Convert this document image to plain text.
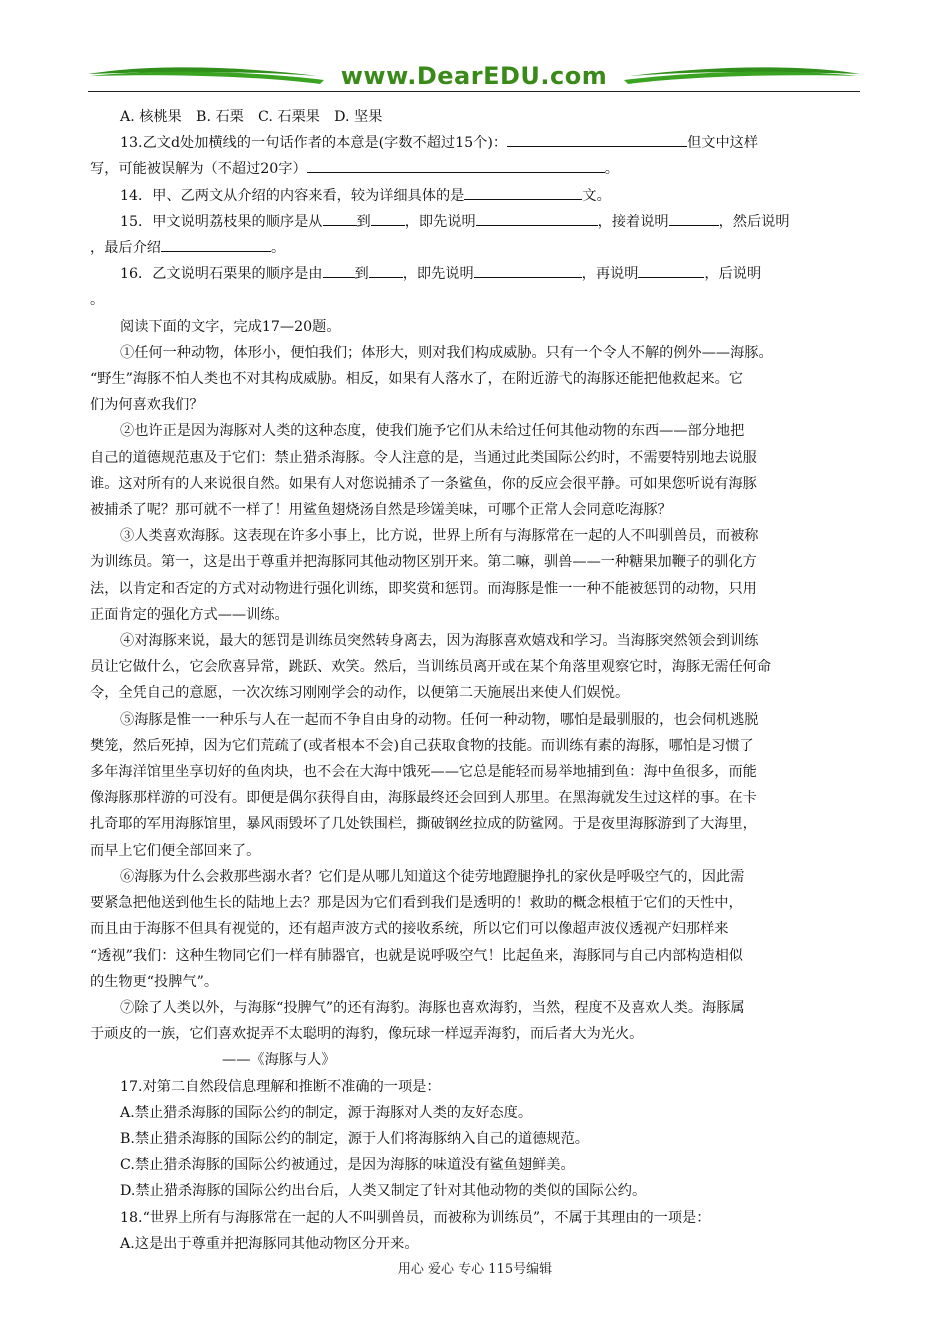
www.DearEDU.com
A. 核桃果　B. 石栗　C. 石栗果　D. 坚果
13.乙文d处加横线的一句话作者的本意是(字数不超过15个)：	但文中这样
写，可能被误解为（不超过20字）	。
14．甲、乙两文从介绍的内容来看，较为详细具体的是	文。
15．甲文说明荔枝果的顺序是从 到 ，即先说明	，接着说明	，然后说明
，最后介绍	。
16．乙文说明石栗果的顺序是由 到 ，即先说明	，再说明	，后说明
。
阅读下面的文字，完成17—20题。
①任何一种动物，体形小，便怕我们；体形大，则对我们构成威胁。只有一个令人不解的例外——海豚。
“野生”海豚不怕人类也不对其构成威胁。相反，如果有人落水了，在附近游弋的海豚还能把他救起来。它
们为何喜欢我们？
②也许正是因为海豚对人类的这种态度，使我们施予它们从未给过任何其他动物的东西——部分地把
自己的道德规范惠及于它们：禁止猎杀海豚。令人注意的是，当通过此类国际公约时，不需要特别地去说服
谁。这对所有的人来说很自然。如果有人对您说捕杀了一条鲨鱼，你的反应会很平静。可如果您听说有海豚
被捕杀了呢？那可就不一样了！用鲨鱼翅烧汤自然是珍馐美味，可哪个正常人会同意吃海豚？
③人类喜欢海豚。这表现在许多小事上，比方说，世界上所有与海豚常在一起的人不叫驯兽员，而被称
为训练员。第一，这是出于尊重并把海豚同其他动物区别开来。第二嘛，驯兽——一种糖果加鞭子的驯化方
法，以肯定和否定的方式对动物进行强化训练，即奖赏和惩罚。而海豚是惟一一种不能被惩罚的动物，只用
正面肯定的强化方式——训练。
④对海豚来说，最大的惩罚是训练员突然转身离去，因为海豚喜欢嬉戏和学习。当海豚突然领会到训练
员让它做什么，它会欣喜异常，跳跃、欢笑。然后，当训练员离开或在某个角落里观察它时，海豚无需任何命
令，全凭自己的意愿，一次次练习刚刚学会的动作，以便第二天施展出来使人们娱悦。
⑤海豚是惟一一种乐与人在一起而不争自由身的动物。任何一种动物，哪怕是最驯服的，也会伺机逃脱
樊笼，然后死掉，因为它们荒疏了(或者根本不会)自己获取食物的技能。而训练有素的海豚，哪怕是习惯了
多年海洋馆里坐享切好的鱼肉块，也不会在大海中饿死——它总是能轻而易举地捕到鱼：海中鱼很多，而能
像海豚那样游的可没有。即便是偶尔获得自由，海豚最终还会回到人那里。在黑海就发生过这样的事。在卡
扎奇耶的军用海豚馆里，暴风雨毁坏了几处铁围栏，撕破钢丝拉成的防鲨网。于是夜里海豚游到了大海里，
而早上它们便全部回来了。
⑥海豚为什么会救那些溺水者？它们是从哪儿知道这个徒劳地蹬腿挣扎的家伙是呼吸空气的，因此需
要紧急把他送到他生长的陆地上去？那是因为它们看到我们是透明的！救助的概念根植于它们的天性中，
而且由于海豚不但具有视觉的，还有超声波方式的接收系统，所以它们可以像超声波仪透视产妇那样来
“透视”我们：这种生物同它们一样有肺器官，也就是说呼吸空气！比起鱼来，海豚同与自己内部构造相似
的生物更“投脾气”。
⑦除了人类以外，与海豚“投脾气”的还有海豹。海豚也喜欢海豹，当然，程度不及喜欢人类。海豚属
于顽皮的一族，它们喜欢捉弄不太聪明的海豹，像玩球一样逗弄海豹，而后者大为光火。
——《海豚与人》
17.对第二自然段信息理解和推断不准确的一项是：
A.禁止猎杀海豚的国际公约的制定，源于海豚对人类的友好态度。
B.禁止猎杀海豚的国际公约的制定，源于人们将海豚纳入自己的道德规范。
C.禁止猎杀海豚的国际公约被通过，是因为海豚的味道没有鲨鱼翅鲜美。
D.禁止猎杀海豚的国际公约出台后，人类又制定了针对其他动物的类似的国际公约。
18.“世界上所有与海豚常在一起的人不叫驯兽员，而被称为训练员”，不属于其理由的一项是：
A.这是出于尊重并把海豚同其他动物区分开来。
用心 爱心 专心 115号编辑
